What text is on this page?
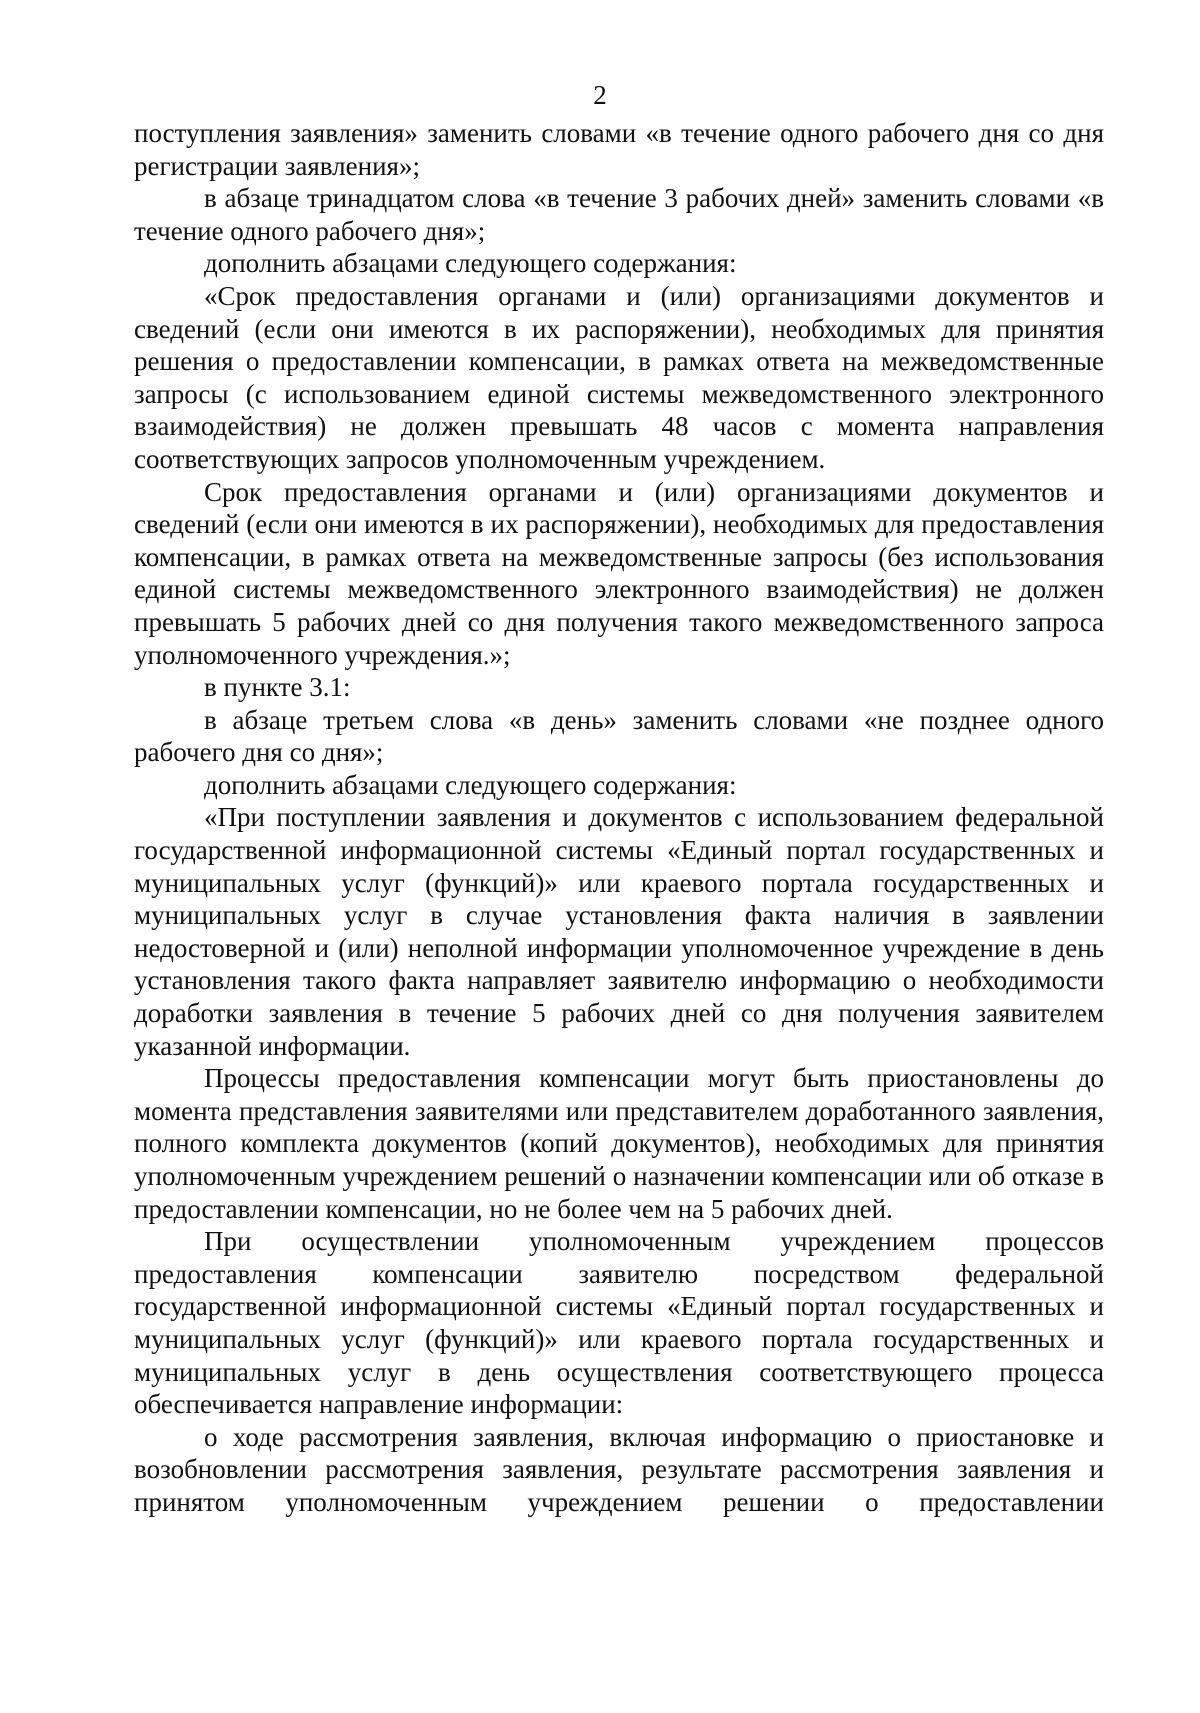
2

поступления заявления» заменить словами «в течение одного рабочего дня со дня регистрации заявления»;

в абзаце тринадцатом слова «в течение 3 рабочих дней» заменить словами «в течение одного рабочего дня»;

дополнить абзацами следующего содержания:

«Срок предоставления органами и (или) организациями документов и сведений (если они имеются в их распоряжении), необходимых для принятия решения о предоставлении компенсации, в рамках ответа на межведомственные запросы (с использованием единой системы межведомственного электронного взаимодействия) не должен превышать 48 часов с момента направления соответствующих запросов уполномоченным учреждением.

Срок предоставления органами и (или) организациями документов и сведений (если они имеются в их распоряжении), необходимых для предоставления компенсации, в рамках ответа на межведомственные запросы (без использования единой системы межведомственного электронного взаимодействия) не должен превышать 5 рабочих дней со дня получения такого межведомственного запроса уполномоченного учреждения.»;

в пункте 3.1:

в абзаце третьем слова «в день» заменить словами «не позднее одного рабочего дня со дня»;

дополнить абзацами следующего содержания:

«При поступлении заявления и документов с использованием федеральной государственной информационной системы «Единый портал государственных и муниципальных услуг (функций)» или краевого портала государственных и муниципальных услуг в случае установления факта наличия в заявлении недостоверной и (или) неполной информации уполномоченное учреждение в день установления такого факта направляет заявителю информацию о необходимости доработки заявления в течение 5 рабочих дней со дня получения заявителем указанной информации.

Процессы предоставления компенсации могут быть приостановлены до момента представления заявителями или представителем доработанного заявления, полного комплекта документов (копий документов), необходимых для принятия уполномоченным учреждением решений о назначении компенсации или об отказе в предоставлении компенсации, но не более чем на 5 рабочих дней.

При осуществлении уполномоченным учреждением процессов предоставления компенсации заявителю посредством федеральной государственной информационной системы «Единый портал государственных и муниципальных услуг (функций)» или краевого портала государственных и муниципальных услуг в день осуществления соответствующего процесса обеспечивается направление информации:

о ходе рассмотрения заявления, включая информацию о приостановке и возобновлении рассмотрения заявления, результате рассмотрения заявления и принятом уполномоченным учреждением решении о предоставлении
